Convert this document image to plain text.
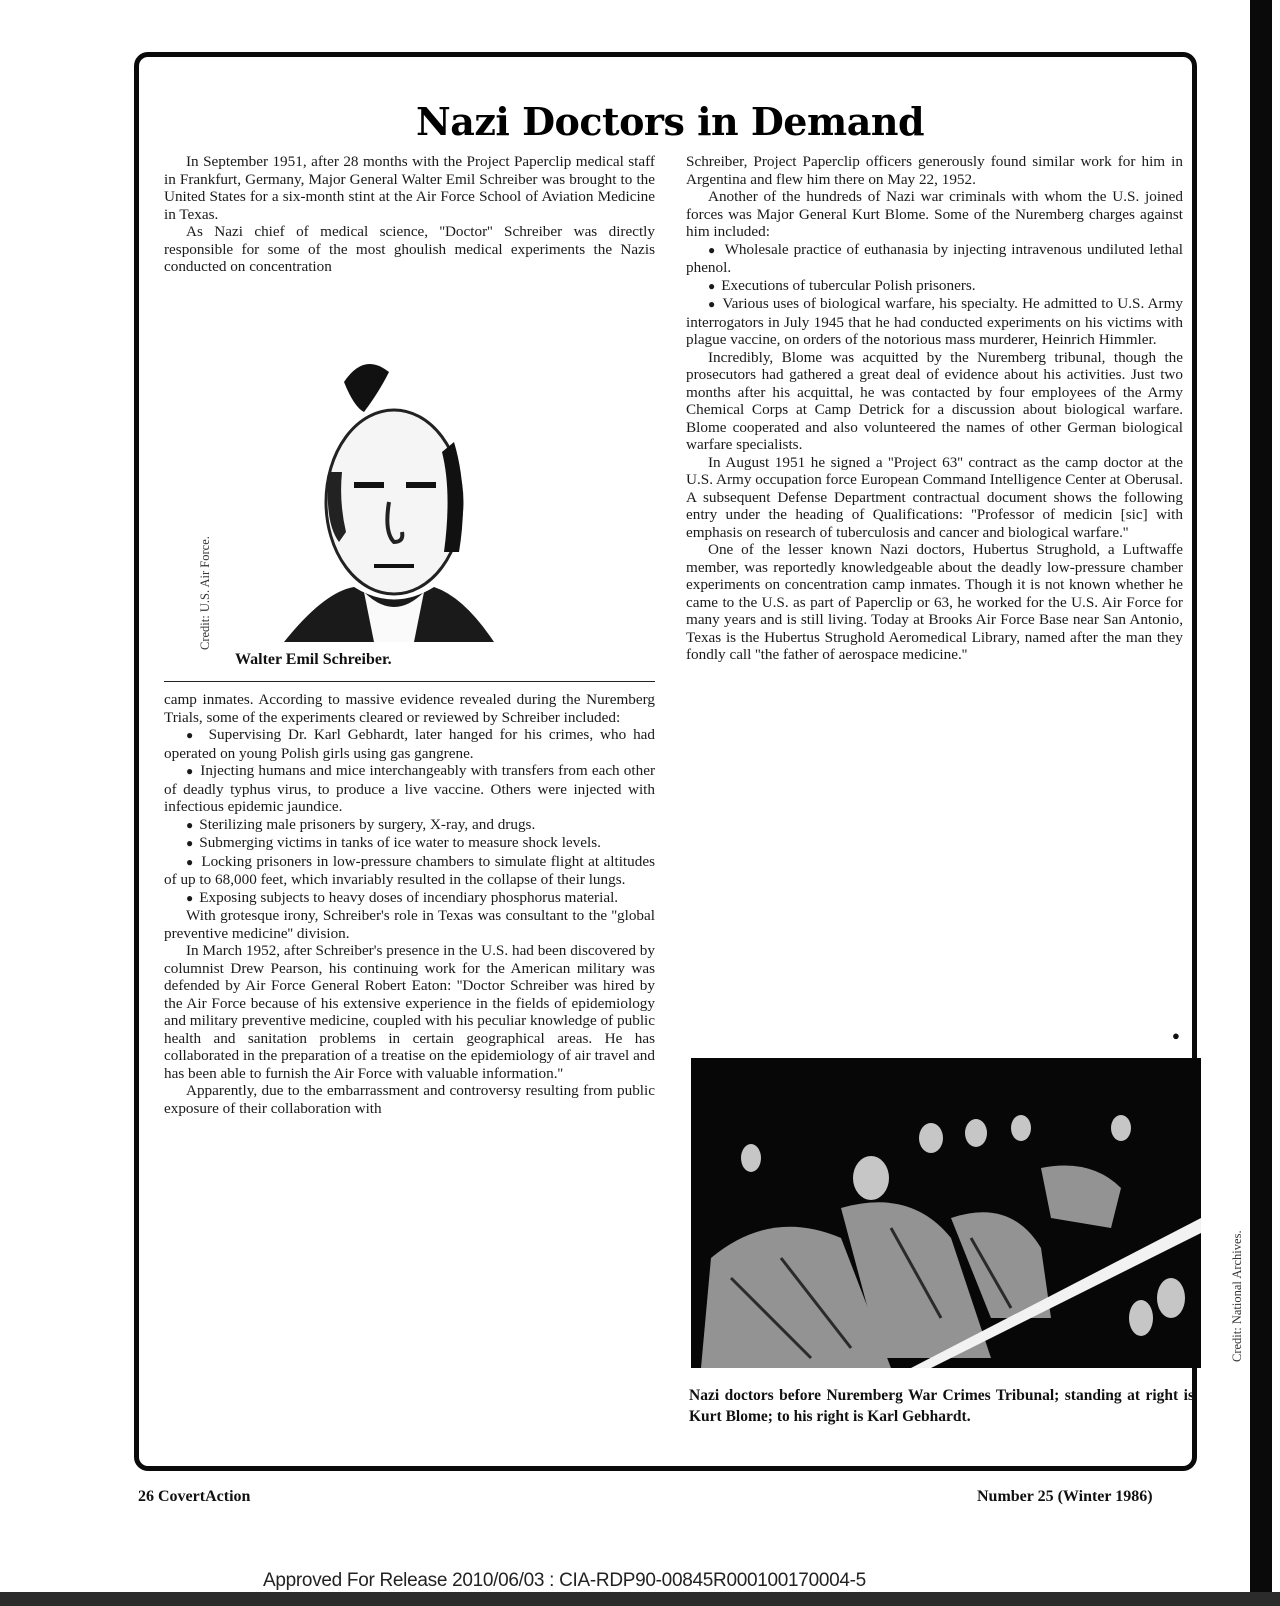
Nazi Doctors in Demand

In September 1951, after 28 months with the Project Paperclip medical staff in Frankfurt, Germany, Major General Walter Emil Schreiber was brought to the United States for a six-month stint at the Air Force School of Aviation Medicine in Texas.

As Nazi chief of medical science, ''Doctor'' Schreiber was directly responsible for some of the most ghoulish medical experiments the Nazis conducted on concentration

Credit: U.S. Air Force.
Walter Emil Schreiber.

camp inmates. According to massive evidence revealed during the Nuremberg Trials, some of the experiments cleared or reviewed by Schreiber included:

●  Supervising Dr. Karl Gebhardt, later hanged for his crimes, who had operated on young Polish girls using gas gangrene.

●  Injecting humans and mice interchangeably with transfers from each other of deadly typhus virus, to produce a live vaccine. Others were injected with infectious epidemic jaundice.

●  Sterilizing male prisoners by surgery, X-ray, and drugs.

●  Submerging victims in tanks of ice water to measure shock levels.

●  Locking prisoners in low-pressure chambers to simulate flight at altitudes of up to 68,000 feet, which invariably resulted in the collapse of their lungs.

●  Exposing subjects to heavy doses of incendiary phosphorus material.

With grotesque irony, Schreiber's role in Texas was consultant to the ''global preventive medicine'' division.

In March 1952, after Schreiber's presence in the U.S. had been discovered by columnist Drew Pearson, his continuing work for the American military was defended by Air Force General Robert Eaton: ''Doctor Schreiber was hired by the Air Force because of his extensive experience in the fields of epidemiology and military preventive medicine, coupled with his peculiar knowledge of public health and sanitation problems in certain geographical areas. He has collaborated in the preparation of a treatise on the epidemiology of air travel and has been able to furnish the Air Force with valuable information.''

Apparently, due to the embarrassment and controversy resulting from public exposure of their collaboration with

Schreiber, Project Paperclip officers generously found similar work for him in Argentina and flew him there on May 22, 1952.

Another of the hundreds of Nazi war criminals with whom the U.S. joined forces was Major General Kurt Blome. Some of the Nuremberg charges against him included:

●  Wholesale practice of euthanasia by injecting intravenous undiluted lethal phenol.

●  Executions of tubercular Polish prisoners.

●  Various uses of biological warfare, his specialty. He admitted to U.S. Army interrogators in July 1945 that he had conducted experiments on his victims with plague vaccine, on orders of the notorious mass murderer, Heinrich Himmler.

Incredibly, Blome was acquitted by the Nuremberg tribunal, though the prosecutors had gathered a great deal of evidence about his activities. Just two months after his acquittal, he was contacted by four employees of the Army Chemical Corps at Camp Detrick for a discussion about biological warfare. Blome cooperated and also volunteered the names of other German biological warfare specialists.

In August 1951 he signed a ''Project 63'' contract as the camp doctor at the U.S. Army occupation force European Command Intelligence Center at Oberusal. A subsequent Defense Department contractual document shows the following entry under the heading of Qualifications: ''Professor of medicin [sic] with emphasis on research of tuberculosis and cancer and biological warfare.''

One of the lesser known Nazi doctors, Hubertus Strughold, a Luftwaffe member, was reportedly knowledgeable about the deadly low-pressure chamber experiments on concentration camp inmates. Though it is not known whether he came to the U.S. as part of Paperclip or 63, he worked for the U.S. Air Force for many years and is still living. Today at Brooks Air Force Base near San Antonio, Texas is the Hubertus Strughold Aeromedical Library, named after the man they fondly call ''the father of aerospace medicine.''

●
Credit: National Archives.
Nazi doctors before Nuremberg War Crimes Tribunal; standing at right is Kurt Blome; to his right is Karl Gebhardt.
26 CovertAction	Number 25 (Winter 1986)
Approved For Release 2010/06/03 : CIA-RDP90-00845R000100170004-5
